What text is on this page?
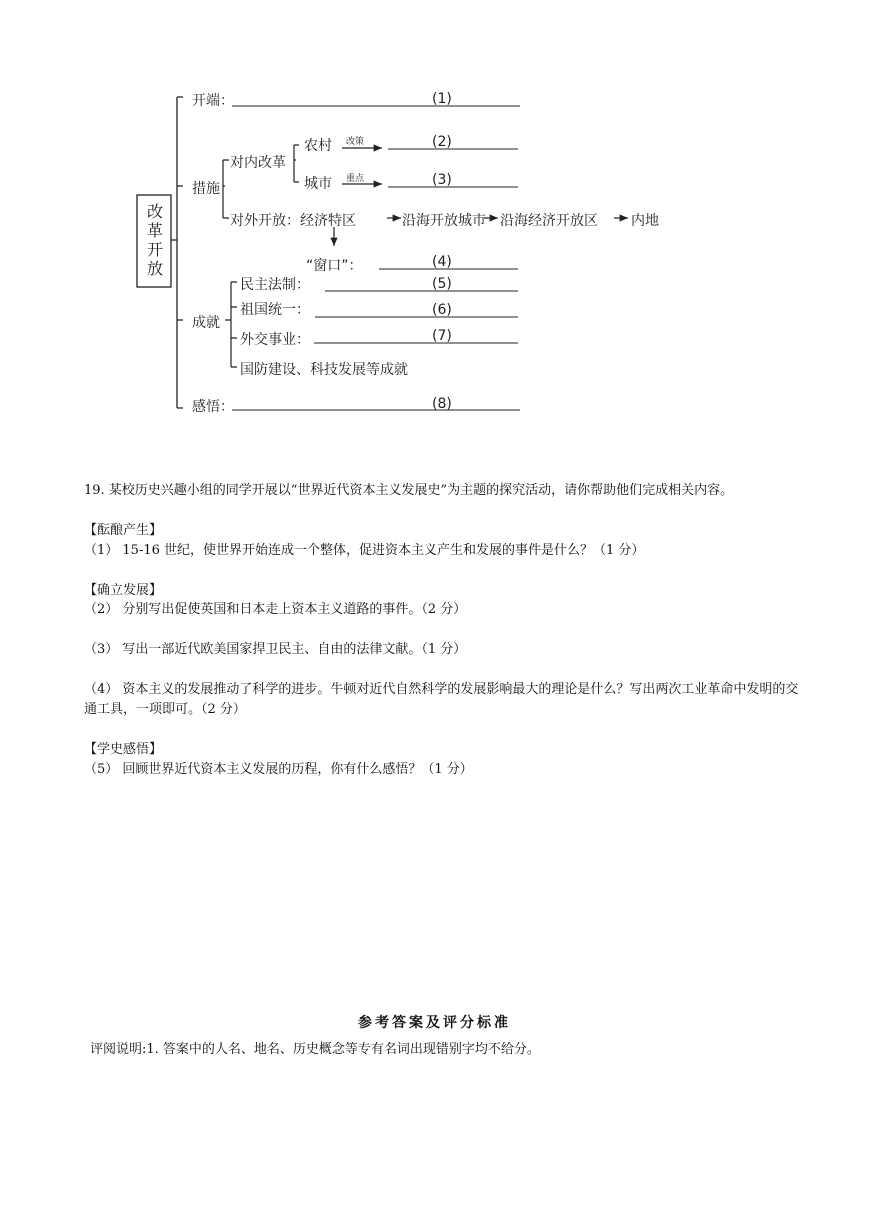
改
革
开
放
开端：	(1)
措施
对内改革
农村 改策	(2)
城市 重点	(3)
对外开放：经济特区	沿海开放城市 沿海经济开放区 内地
“窗口”：	(4)
成就
民主法制：	(5)
祖国统一：	(6)
外交事业：	(7)
国防建设、科技发展等成就
感悟：	(8)
19. 某校历史兴趣小组的同学开展以“世界近代资本主义发展史”为主题的探究活动，请你帮助他们完成相关内容。
【酝酿产生】
（1） 15-16 世纪，使世界开始连成一个整体，促进资本主义产生和发展的事件是什么？（1 分）
【确立发展】
（2） 分别写出促使英国和日本走上资本主义道路的事件。（2 分）
（3） 写出一部近代欧美国家捍卫民主、自由的法律文献。（1 分）
（4） 资本主义的发展推动了科学的进步。牛顿对近代自然科学的发展影响最大的理论是什么？写出两次工业革命中发明的交通工具，一项即可。（2 分）
【学史感悟】
（5） 回顾世界近代资本主义发展的历程，你有什么感悟？（1 分）
参考答案及评分标准
评阅说明:1. 答案中的人名、地名、历史概念等专有名词出现错别字均不给分。
